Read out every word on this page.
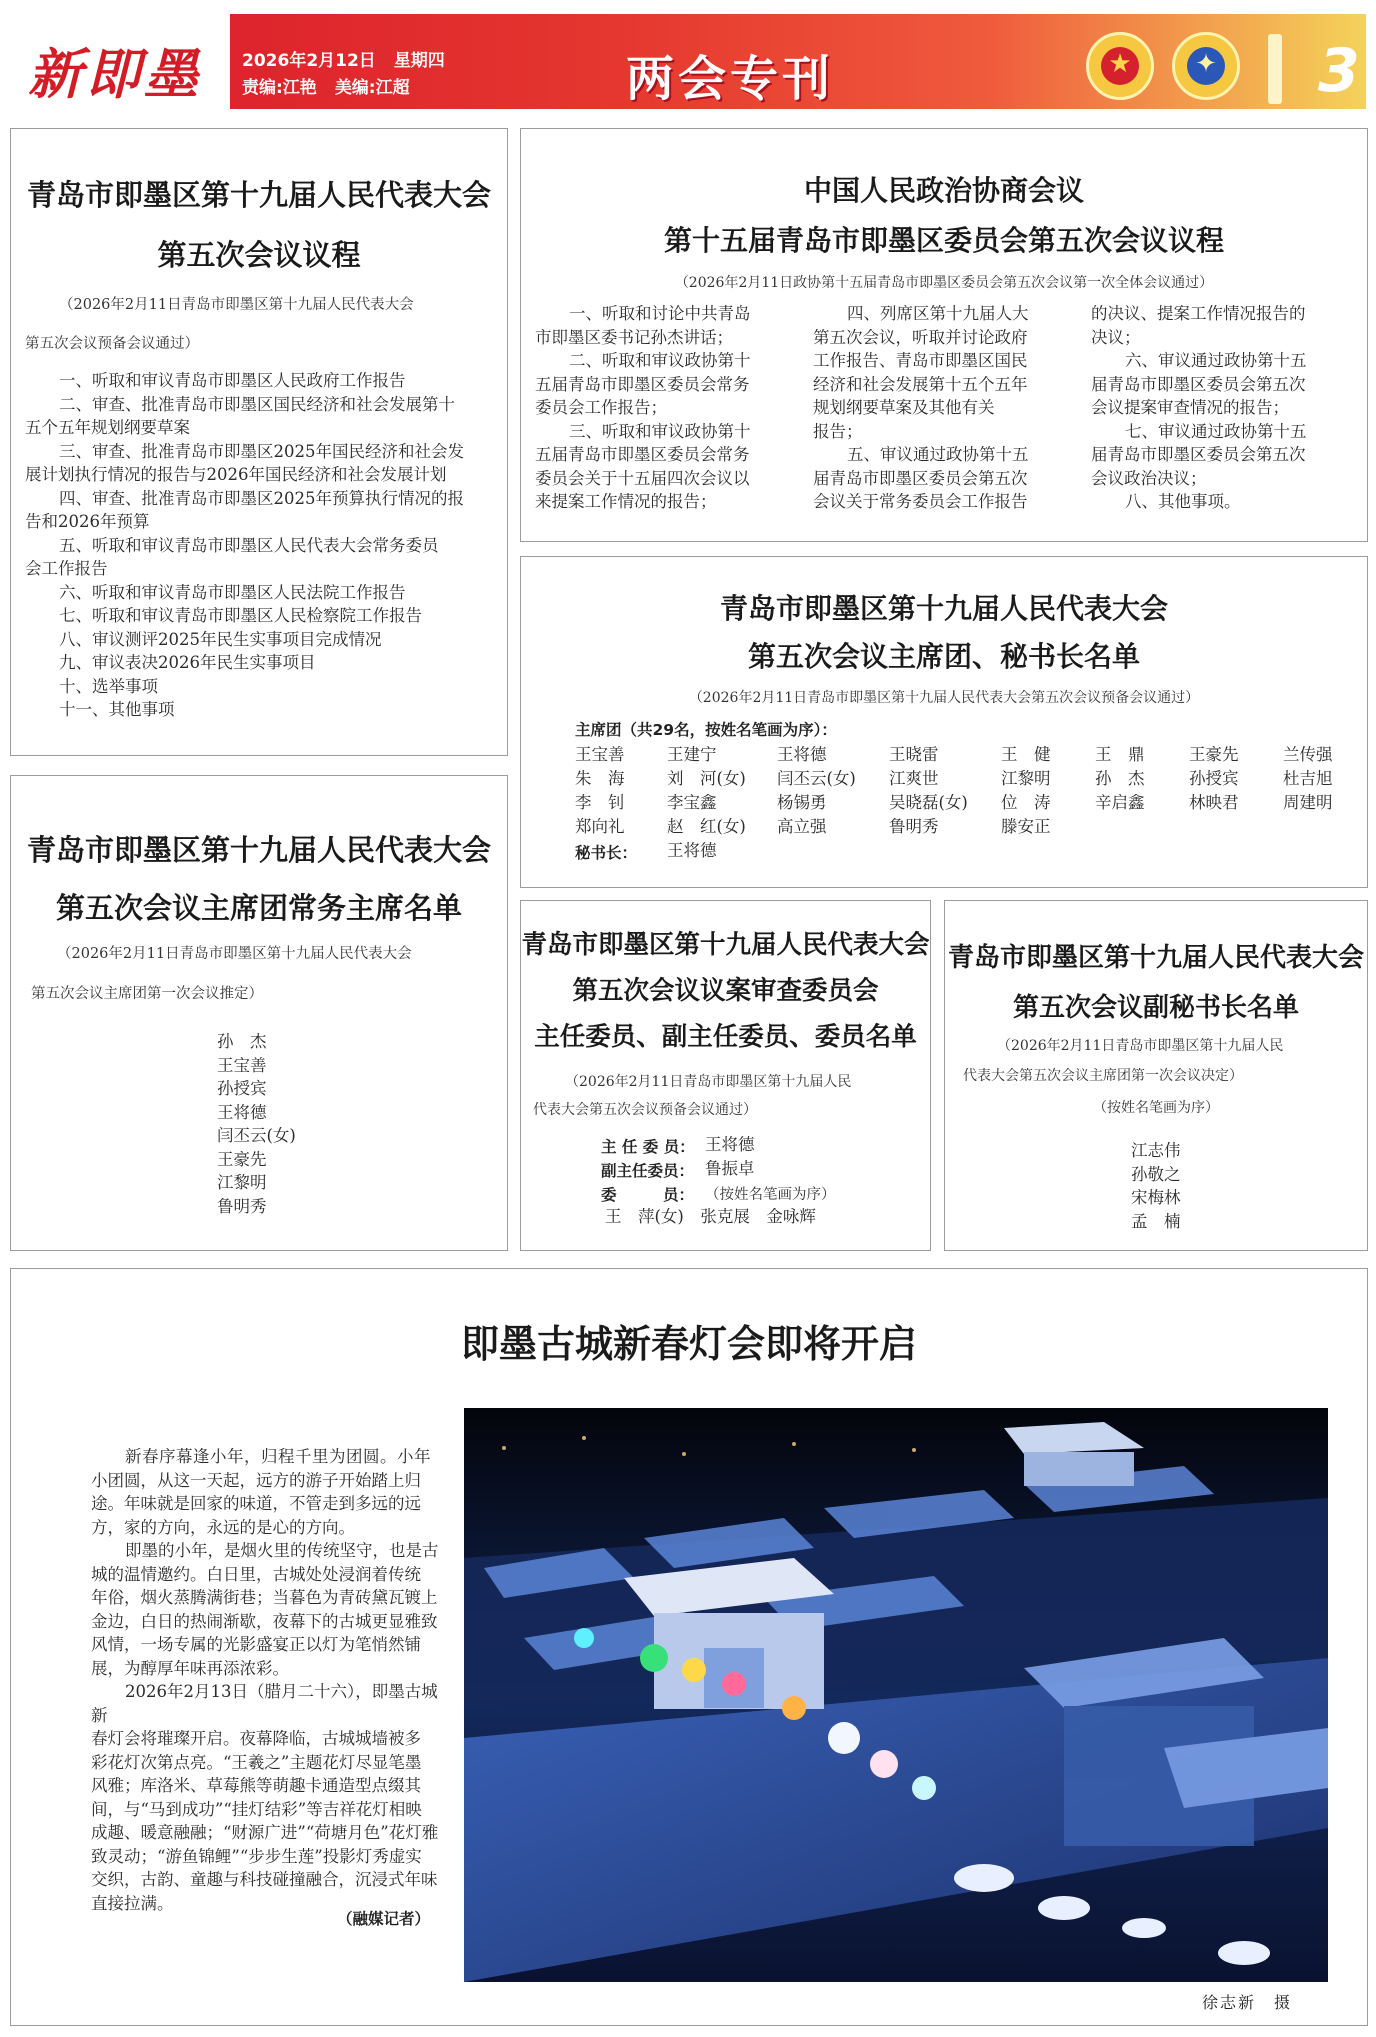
新即墨 2026年2月12日 星期四
责编:江艳 美编:江超	两会专刊	★	✦	3
青岛市即墨区第十九届人民代表大会
第五次会议议程
（2026年2月11日青岛市即墨区第十九届人民代表大会
第五次会议预备会议通过）
一、听取和审议青岛市即墨区人民政府工作报告
二、审查、批准青岛市即墨区国民经济和社会发展第十
五个五年规划纲要草案
三、审查、批准青岛市即墨区2025年国民经济和社会发
展计划执行情况的报告与2026年国民经济和社会发展计划
四、审查、批准青岛市即墨区2025年预算执行情况的报
告和2026年预算
五、听取和审议青岛市即墨区人民代表大会常务委员
会工作报告
六、听取和审议青岛市即墨区人民法院工作报告
七、听取和审议青岛市即墨区人民检察院工作报告
八、审议测评2025年民生实事项目完成情况
九、审议表决2026年民生实事项目
十、选举事项
十一、其他事项
中国人民政治协商会议
第十五届青岛市即墨区委员会第五次会议议程
（2026年2月11日政协第十五届青岛市即墨区委员会第五次会议第一次全体会议通过）
一、听取和讨论中共青岛
市即墨区委书记孙杰讲话；
二、听取和审议政协第十
五届青岛市即墨区委员会常务
委员会工作报告；
三、听取和审议政协第十
五届青岛市即墨区委员会常务
委员会关于十五届四次会议以
来提案工作情况的报告；
四、列席区第十九届人大
第五次会议，听取并讨论政府
工作报告、青岛市即墨区国民
经济和社会发展第十五个五年
规划纲要草案及其他有关
报告；
五、审议通过政协第十五
届青岛市即墨区委员会第五次
会议关于常务委员会工作报告
的决议、提案工作情况报告的
决议；
六、审议通过政协第十五
届青岛市即墨区委员会第五次
会议提案审查情况的报告；
七、审议通过政协第十五
届青岛市即墨区委员会第五次
会议政治决议；
八、其他事项。
青岛市即墨区第十九届人民代表大会
第五次会议主席团、秘书长名单
（2026年2月11日青岛市即墨区第十九届人民代表大会第五次会议预备会议通过）
主席团（共29名，按姓名笔画为序）：
王宝善	王建宁	王将德	王晓雷	王　健	王　鼎	王豪先	兰传强
朱　海	刘　河(女) 闫丕云(女) 江爽世	江黎明	孙　杰	孙授宾	杜吉旭
李　钊	李宝鑫	杨锡勇	吴晓磊(女) 位　涛	辛启鑫	林映君	周建明
郑向礼	赵　红(女) 高立强	鲁明秀	滕安正
秘书长： 王将德
青岛市即墨区第十九届人民代表大会
第五次会议主席团常务主席名单
（2026年2月11日青岛市即墨区第十九届人民代表大会
第五次会议主席团第一次会议推定）
孙　杰
王宝善
孙授宾
王将德
闫丕云(女)
王豪先
江黎明
鲁明秀
青岛市即墨区第十九届人民代表大会
第五次会议议案审查委员会
主任委员、副主任委员、委员名单
（2026年2月11日青岛市即墨区第十九届人民
代表大会第五次会议预备会议通过）
主 任 委 员： 王将德
副主任委员： 鲁振卓
委　　　员： （按姓名笔画为序）
王　萍(女)　张克展　金咏辉
青岛市即墨区第十九届人民代表大会
第五次会议副秘书长名单
（2026年2月11日青岛市即墨区第十九届人民
代表大会第五次会议主席团第一次会议决定）
（按姓名笔画为序）
江志伟
孙敬之
宋梅林
孟　楠
即墨古城新春灯会即将开启
新春序幕逢小年，归程千里为团圆。小年
小团圆，从这一天起，远方的游子开始踏上归
途。年味就是回家的味道，不管走到多远的远
方，家的方向，永远的是心的方向。
即墨的小年，是烟火里的传统坚守，也是古
城的温情邀约。白日里，古城处处浸润着传统
年俗，烟火蒸腾满街巷；当暮色为青砖黛瓦镀上
金边，白日的热闹渐歇，夜幕下的古城更显雅致
风情，一场专属的光影盛宴正以灯为笔悄然铺
展，为醇厚年味再添浓彩。
2026年2月13日（腊月二十六），即墨古城新
春灯会将璀璨开启。夜幕降临，古城城墙被多
彩花灯次第点亮。“王羲之”主题花灯尽显笔墨
风雅；库洛米、草莓熊等萌趣卡通造型点缀其
间，与“马到成功”“挂灯结彩”等吉祥花灯相映
成趣、暖意融融；“财源广进”“荷塘月色”花灯雅
致灵动；“游鱼锦鲤”“步步生莲”投影灯秀虚实
交织，古韵、童趣与科技碰撞融合，沉浸式年味
直接拉满。
（融媒记者）
徐志新　摄
